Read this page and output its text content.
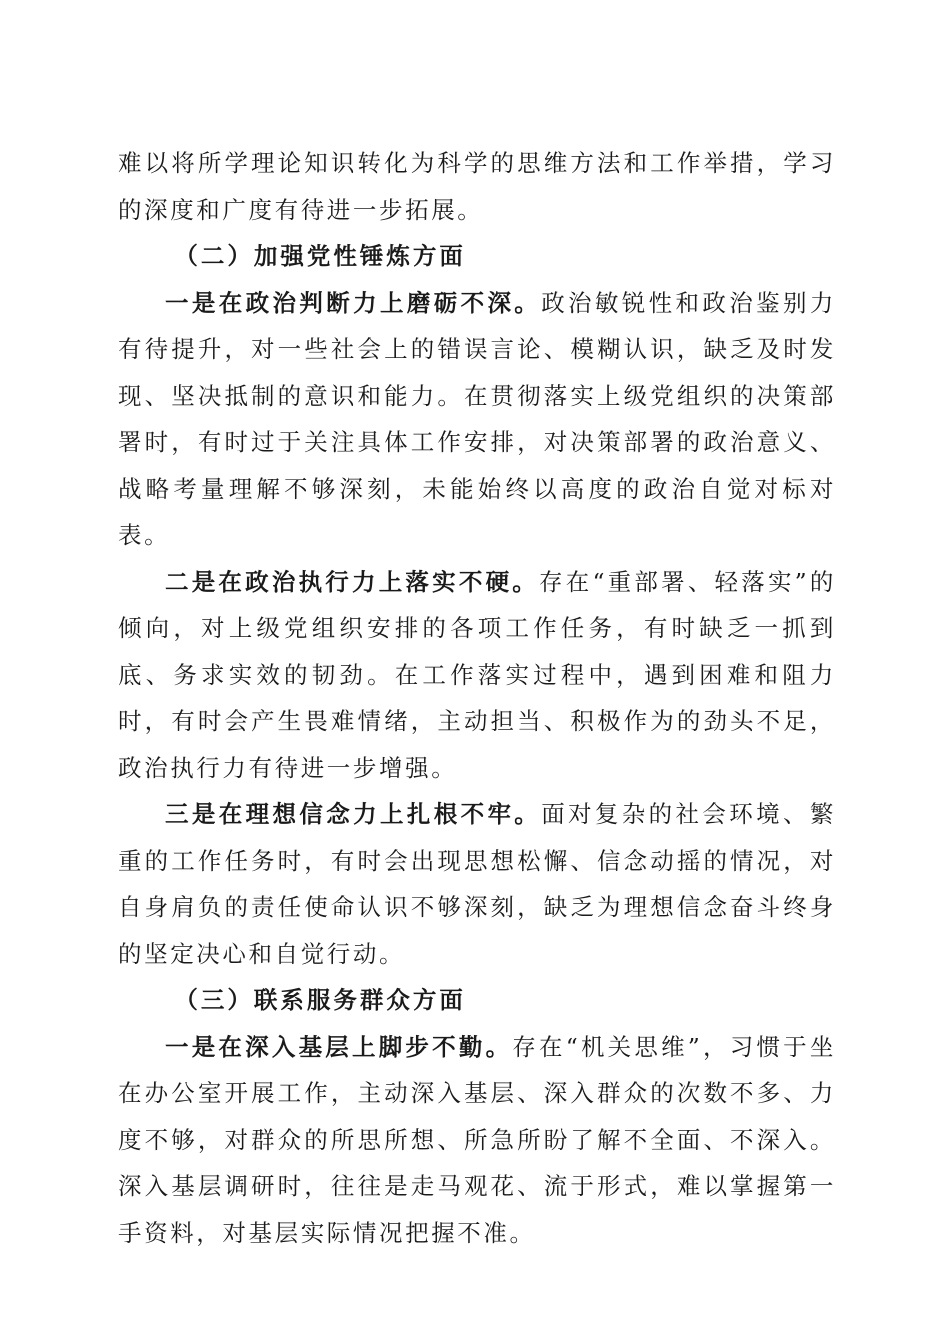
难以将所学理论知识转化为科学的思维方法和工作举措，学习的深度和广度有待进一步拓展。

（二）加强党性锤炼方面

一是在政治判断力上磨砺不深。政治敏锐性和政治鉴别力有待提升，对一些社会上的错误言论、模糊认识，缺乏及时发现、坚决抵制的意识和能力。在贯彻落实上级党组织的决策部署时，有时过于关注具体工作安排，对决策部署的政治意义、战略考量理解不够深刻，未能始终以高度的政治自觉对标对表。

二是在政治执行力上落实不硬。存在“重部署、轻落实”的倾向，对上级党组织安排的各项工作任务，有时缺乏一抓到底、务求实效的韧劲。在工作落实过程中，遇到困难和阻力时，有时会产生畏难情绪，主动担当、积极作为的劲头不足，政治执行力有待进一步增强。

三是在理想信念力上扎根不牢。面对复杂的社会环境、繁重的工作任务时，有时会出现思想松懈、信念动摇的情况，对自身肩负的责任使命认识不够深刻，缺乏为理想信念奋斗终身的坚定决心和自觉行动。

（三）联系服务群众方面

一是在深入基层上脚步不勤。存在“机关思维”，习惯于坐在办公室开展工作，主动深入基层、深入群众的次数不多、力度不够，对群众的所思所想、所急所盼了解不全面、不深入。深入基层调研时，往往是走马观花、流于形式，难以掌握第一手资料，对基层实际情况把握不准。
